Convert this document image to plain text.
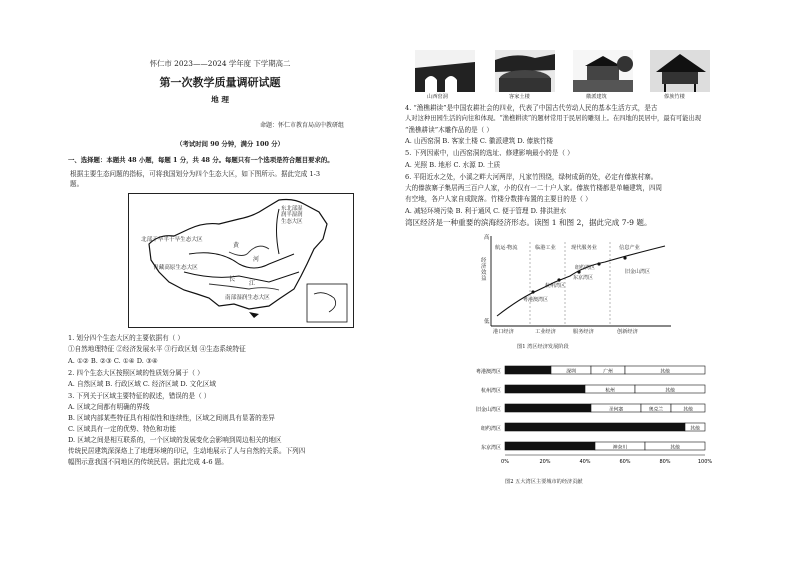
怀仁市 2023——2024 学年度 下学期高二
第一次教学质量调研试题
地 理
命题：怀仁市教育局高中教研组
（考试时间 90 分钟，满分 100 分）
一、选择题：本题共 48 小题，每题 1 分，共 48 分。每题只有一个选项是符合题目要求的。
根据主要生态问题的指标，可将我国划分为四个生态大区，如下图所示。据此完成 1-3
题。
北部干旱半干旱生态大区
青藏高原生态大区
南部湿润生态大区
东北部湿润半湿润生态大区
黄
河
长
江
1. 划分四个生态大区的主要依据有（ ）
①自然地理特征 ②经济发展水平 ③行政区划 ④生态系统特征
A. ①② B. ②③ C. ①④ D. ③④
2. 四个生态大区按照区域的性质划分属于（ ）
A. 自然区域 B. 行政区域 C. 经济区域 D. 文化区域
3. 下列关于区域主要特征的叙述，错误的是（ ）
A. 区域之间都有明确的界线
B. 区域内部某些特征具有相似性和连续性，区域之间则具有显著的差异
C. 区域具有一定的优势、特色和功能
D. 区域之间是相互联系的，一个区域的发展变化会影响到周边相关的地区
传统民居建筑深深烙上了地理环境的印记，生动地展示了人与自然的关系。下列四
幅图示意我国不同地区的传统民居。据此完成 4-6 题。
山西窑洞	客家土楼	徽派建筑	傣族竹楼
4. “渔樵耕读”是中国农耕社会的四业，代表了中国古代劳动人民的基本生活方式，是古
人对这种田园生活的向往和体现。“渔樵耕读”的题材常用于民居的雕刻上。在四地的民居中，最有可能出现
“渔樵耕读”木雕作品的是（ ）
A. 山西窑洞 B. 客家土楼 C. 徽派建筑 D. 傣族竹楼
5. 下列因素中，山西窑洞的选址、修建影响最小的是（ ）
A. 光照 B. 地形 C. 水源 D. 土质
6. 平阳近水之处，小溪之畔大河两岸，凡家竹围绕，绿树成荫的处，必定有傣族村寨。
大的傣族寨子集居两三百户人家，小的仅有一二十户人家。傣族竹楼都是单幢建筑，四周
有空地，各户人家自成院落。竹楼分数排布置的主要目的是（ ）
A. 减轻环境污染 B. 利于通风 C. 便于管理 D. 排洪泄水
湾区经济是一种重要的滨海经济形态。读图 1 和图 2，据此完成 7-9 题。
高
经济效益
低
航运·物流	临港工业	现代服务业	信息产业
粤港澳湾区
杭州湾区
东京湾区
纽约湾区
旧金山湾区
港口经济	工业经济	服务经济	创新经济
图1 湾区经济发展阶段
粤港澳湾区	深圳	广州	其他
杭州湾区	杭州	其他
旧金山湾区	圣何塞	奥克兰	其他
纽约湾区	其他
东京湾区	神奈川	其他
0%	20%	40%	60%	80%	100%
图2 五大湾区主要城市的经济贡献
